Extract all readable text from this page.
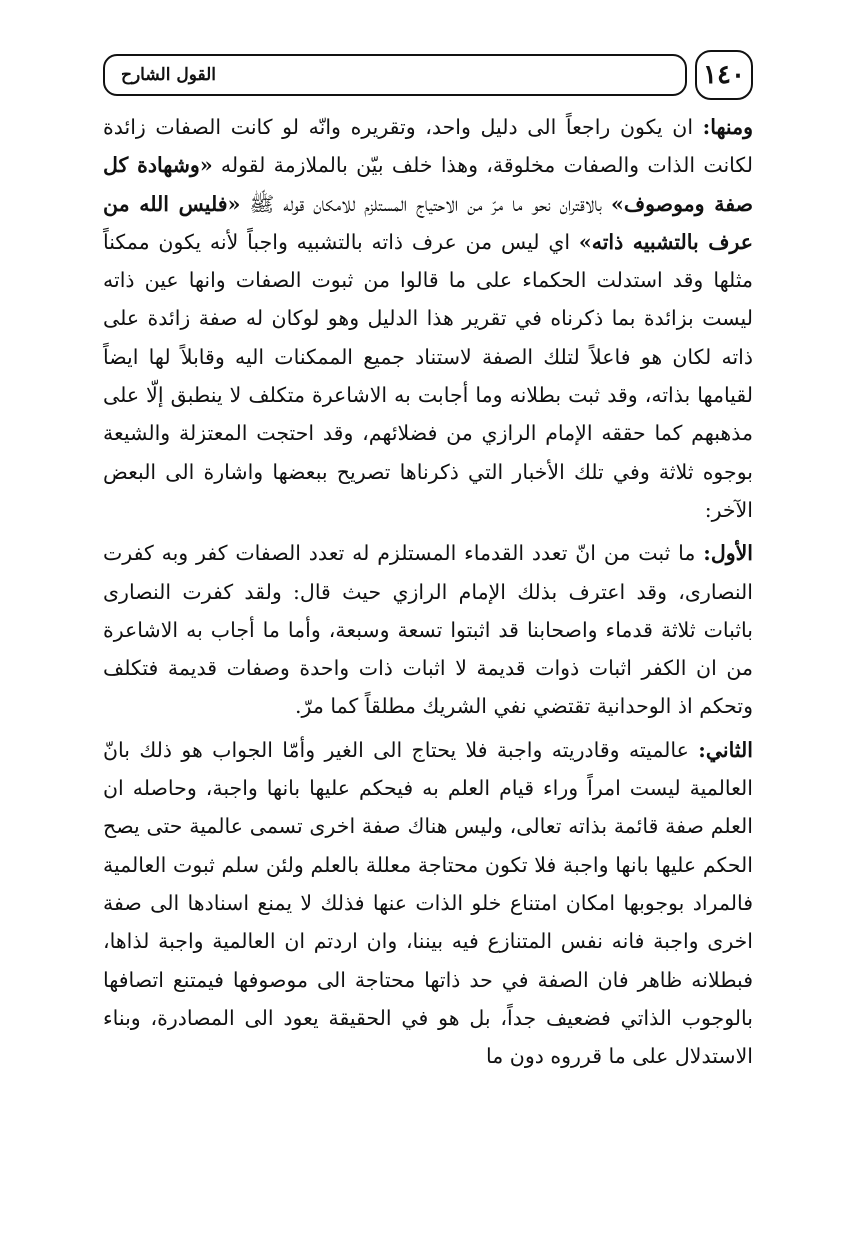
١٤٠
القول الشارح

ومنها: ان يكون راجعاً الى دليل واحد، وتقريره وانّه لو كانت الصفات زائدة لكانت الذات والصفات مخلوقة، وهذا خلف بيّن بالملازمة لقوله «وشهادة كل صفة وموصوف» بالاقتران نحو ما مرّ من الاحتياج المستلزم للامكان قوله ﷺ «فليس الله من عرف بالتشبيه ذاته» اي ليس من عرف ذاته بالتشبيه واجباً لأنه يكون ممكناً مثلها وقد استدلت الحكماء على ما قالوا من ثبوت الصفات وانها عين ذاته ليست بزائدة بما ذكرناه في تقرير هذا الدليل وهو لوكان له صفة زائدة على ذاته لكان هو فاعلاً لتلك الصفة لاستناد جميع الممكنات اليه وقابلاً لها ايضاً لقيامها بذاته، وقد ثبت بطلانه وما أجابت به الاشاعرة متكلف لا ينطبق إلّا على مذهبهم كما حققه الإمام الرازي من فضلائهم، وقد احتجت المعتزلة والشيعة بوجوه ثلاثة وفي تلك الأخبار التي ذكرناها تصريح ببعضها واشارة الى البعض الآخر:

الأول: ما ثبت من انّ تعدد القدماء المستلزم له تعدد الصفات كفر وبه كفرت النصارى، وقد اعترف بذلك الإمام الرازي حيث قال: ولقد كفرت النصارى باثبات ثلاثة قدماء واصحابنا قد اثبتوا تسعة وسبعة، وأما ما أجاب به الاشاعرة من ان الكفر اثبات ذوات قديمة لا اثبات ذات واحدة وصفات قديمة فتكلف وتحكم اذ الوحدانية تقتضي نفي الشريك مطلقاً كما مرّ.

الثاني: عالميته وقادريته واجبة فلا يحتاج الى الغير وأمّا الجواب هو ذلك بانّ العالمية ليست امراً وراء قيام العلم به فيحكم عليها بانها واجبة، وحاصله ان العلم صفة قائمة بذاته تعالى، وليس هناك صفة اخرى تسمى عالمية حتى يصح الحكم عليها بانها واجبة فلا تكون محتاجة معللة بالعلم ولئن سلم ثبوت العالمية فالمراد بوجوبها امكان امتناع خلو الذات عنها فذلك لا يمنع اسنادها الى صفة اخرى واجبة فانه نفس المتنازع فيه بيننا، وان اردتم ان العالمية واجبة لذاها، فبطلانه ظاهر فان الصفة في حد ذاتها محتاجة الى موصوفها فيمتنع اتصافها بالوجوب الذاتي فضعيف جداً، بل هو في الحقيقة يعود الى المصادرة، وبناء الاستدلال على ما قرروه دون ما
